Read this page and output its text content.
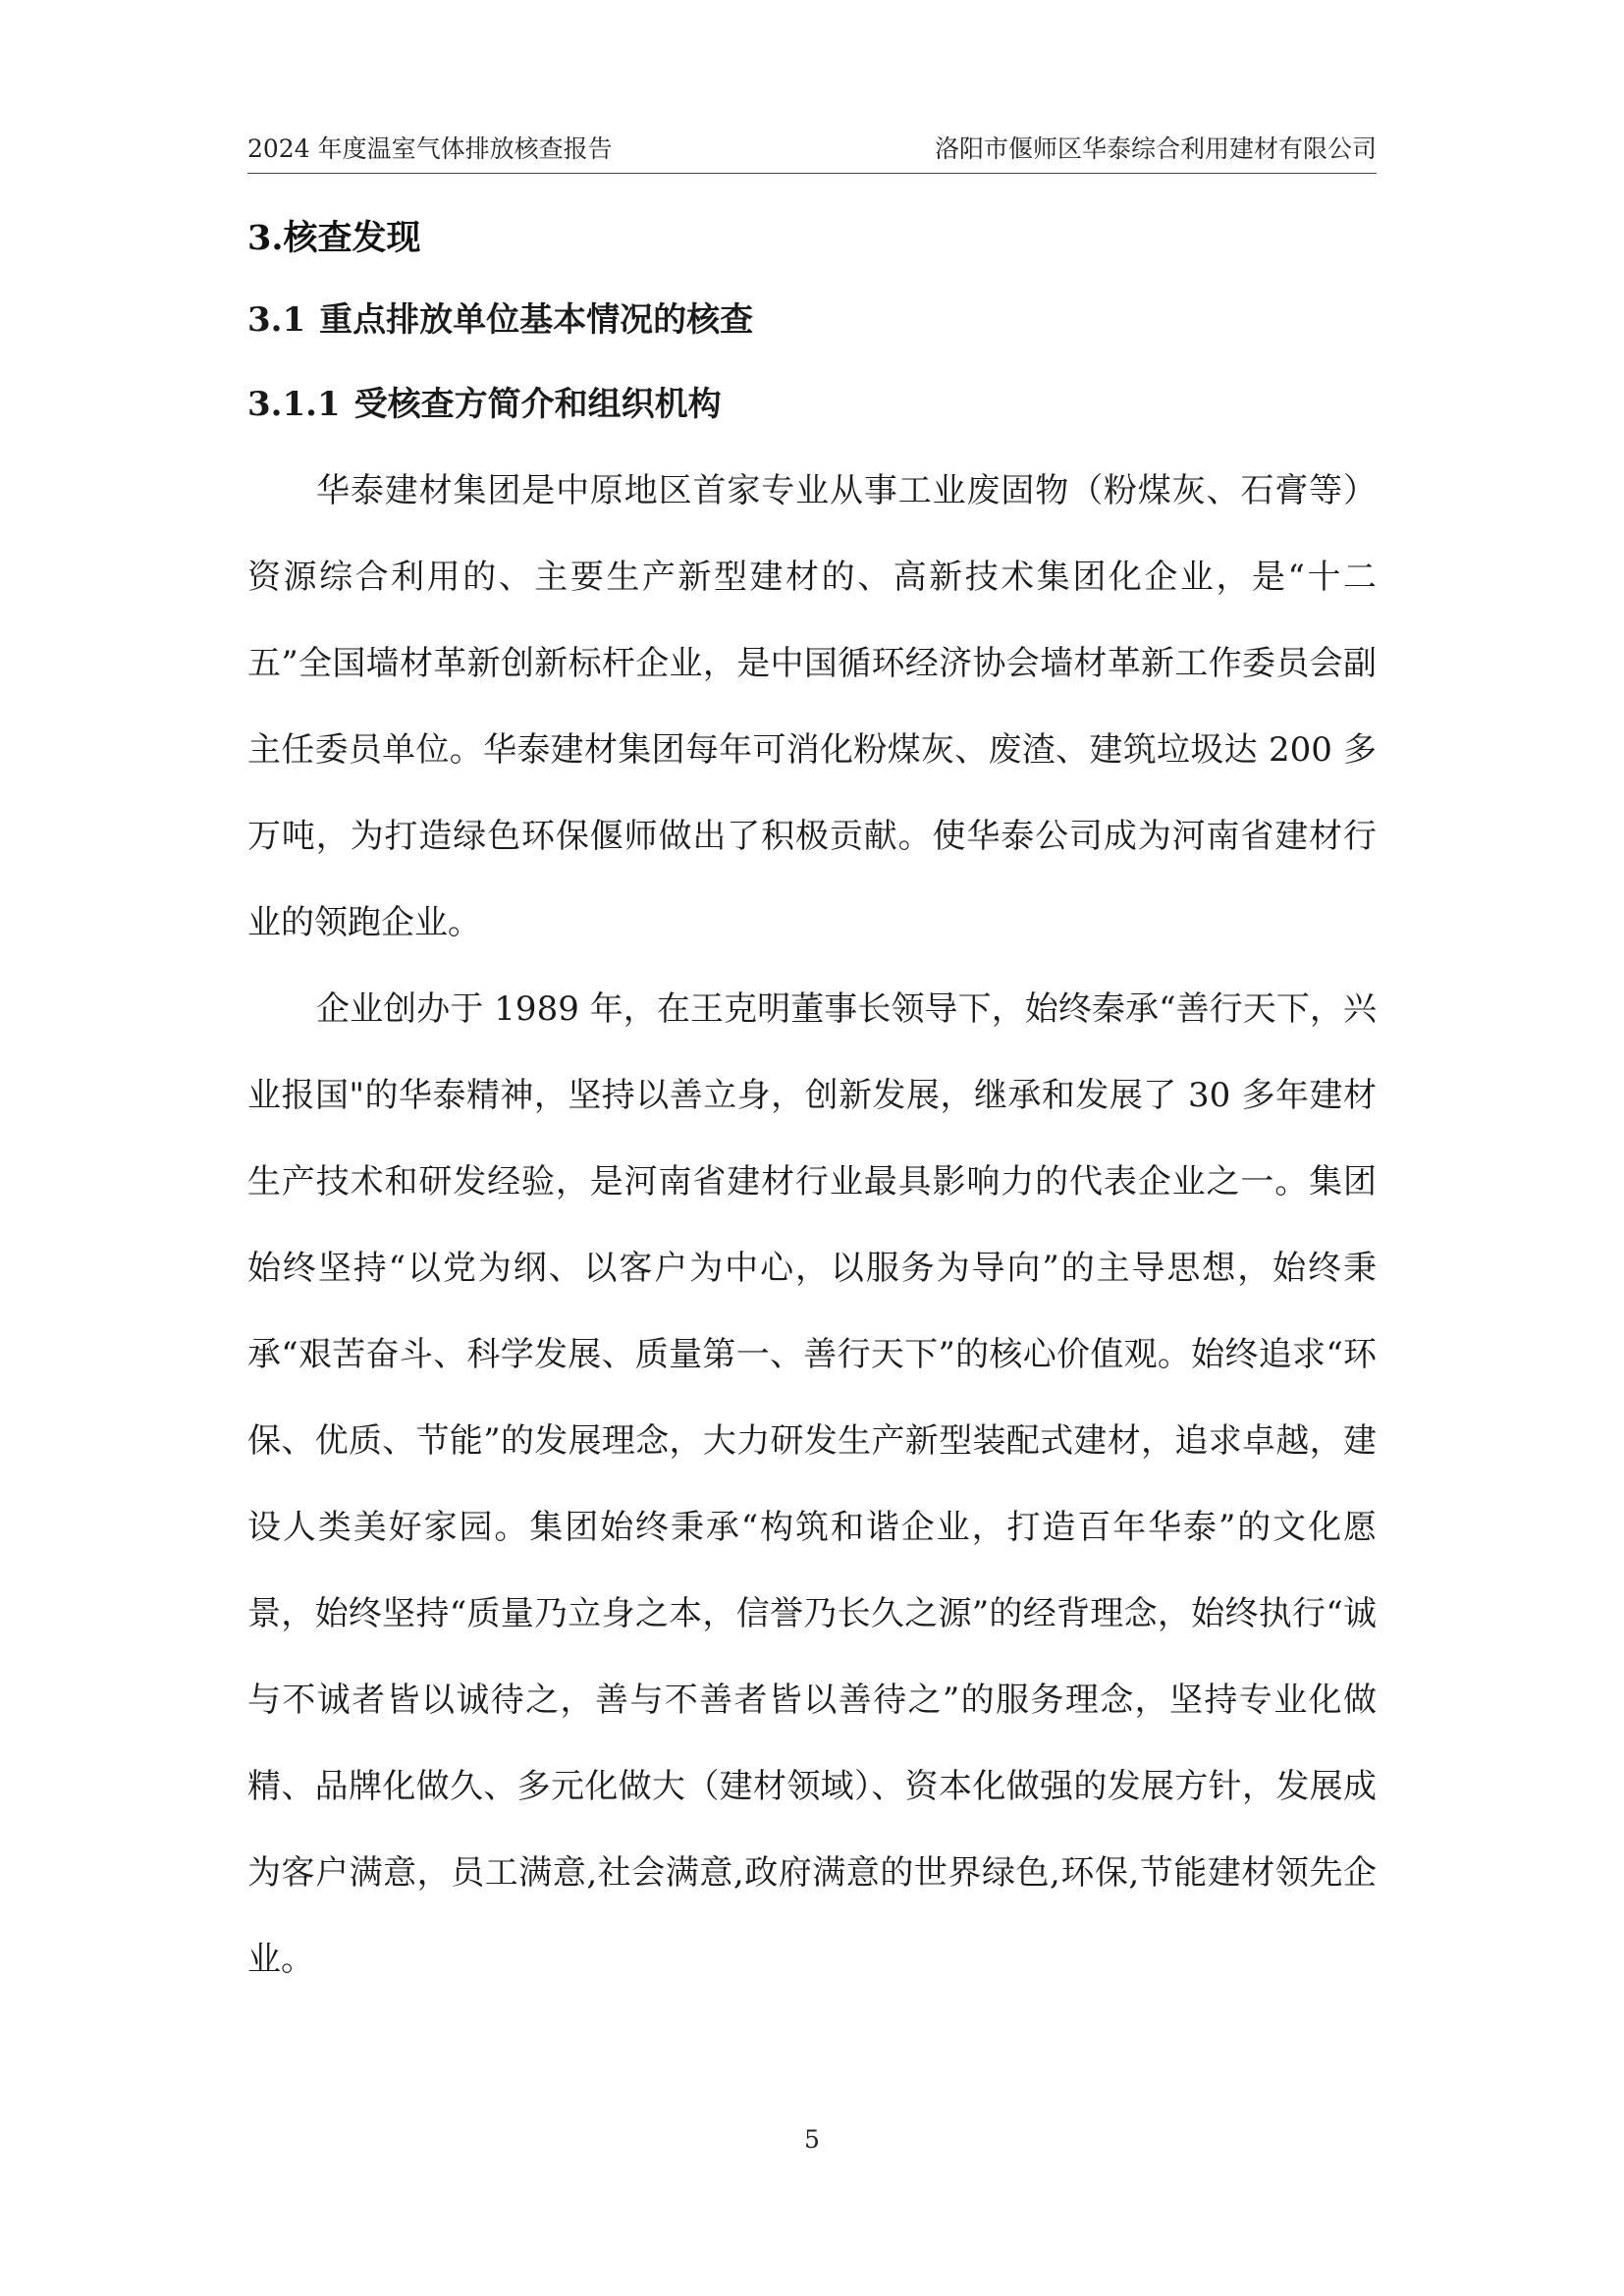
2024 年度温室气体排放核查报告	洛阳市偃师区华泰综合利用建材有限公司
3.核查发现
3.1 重点排放单位基本情况的核查
3.1.1 受核查方简介和组织机构

华泰建材集团是中原地区首家专业从事工业废固物（粉煤灰、石膏等）资源综合利用的、主要生产新型建材的、高新技术集团化企业，是“十二五”全国墙材革新创新标杆企业，是中国循环经济协会墙材革新工作委员会副主任委员单位。华泰建材集团每年可消化粉煤灰、废渣、建筑垃圾达 200 多万吨，为打造绿色环保偃师做出了积极贡献。使华泰公司成为河南省建材行业的领跑企业。

企业创办于 1989 年，在王克明董事长领导下，始终秦承“善行天下，兴业报国"的华泰精神，坚持以善立身，创新发展，继承和发展了 30 多年建材生产技术和研发经验，是河南省建材行业最具影响力的代表企业之一。集团始终坚持“以党为纲、以客户为中心，以服务为导向”的主导思想，始终秉承“艰苦奋斗、科学发展、质量第一、善行天下”的核心价值观。始终追求“环保、优质、节能”的发展理念，大力研发生产新型装配式建材，追求卓越，建设人类美好家园。集团始终秉承“构筑和谐企业，打造百年华泰”的文化愿景，始终坚持“质量乃立身之本，信誉乃长久之源”的经背理念，始终执行“诚与不诚者皆以诚待之，善与不善者皆以善待之”的服务理念，坚持专业化做精、品牌化做久、多元化做大（建材领域）、资本化做强的发展方针，发展成为客户满意，员工满意,社会满意,政府满意的世界绿色,环保,节能建材领先企业。

5
